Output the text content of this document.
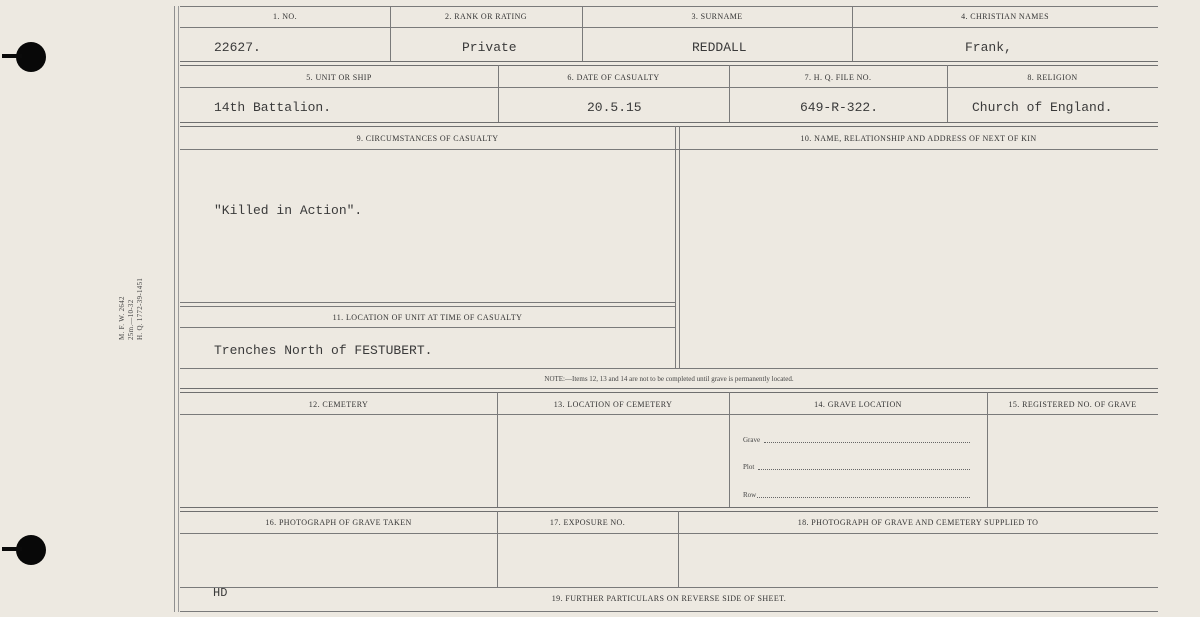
M. F. W. 2642 25m.—10-32 H. Q. 1772-39-1451
1. NO.	2. RANK OR RATING	3. SURNAME	4. CHRISTIAN NAMES
22627.	Private	REDDALL	Frank,
5. UNIT OR SHIP	6. DATE OF CASUALTY	7. H. Q. FILE NO.	8. RELIGION
14th Battalion.	20.5.15	649-R-322.	Church of England.
9. CIRCUMSTANCES OF CASUALTY	10. NAME, RELATIONSHIP AND ADDRESS OF NEXT OF KIN
"Killed in Action".
11. LOCATION OF UNIT AT TIME OF CASUALTY
Trenches North of FESTUBERT.
NOTE:—Items 12, 13 and 14 are not to be completed until grave is permanently located.
12. CEMETERY	13. LOCATION OF CEMETERY	14. GRAVE LOCATION	15. REGISTERED NO. OF GRAVE
Grave
Plot
Row
16. PHOTOGRAPH OF GRAVE TAKEN	17. EXPOSURE NO.	18. PHOTOGRAPH OF GRAVE AND CEMETERY SUPPLIED TO
HD	19. FURTHER PARTICULARS ON REVERSE SIDE OF SHEET.
